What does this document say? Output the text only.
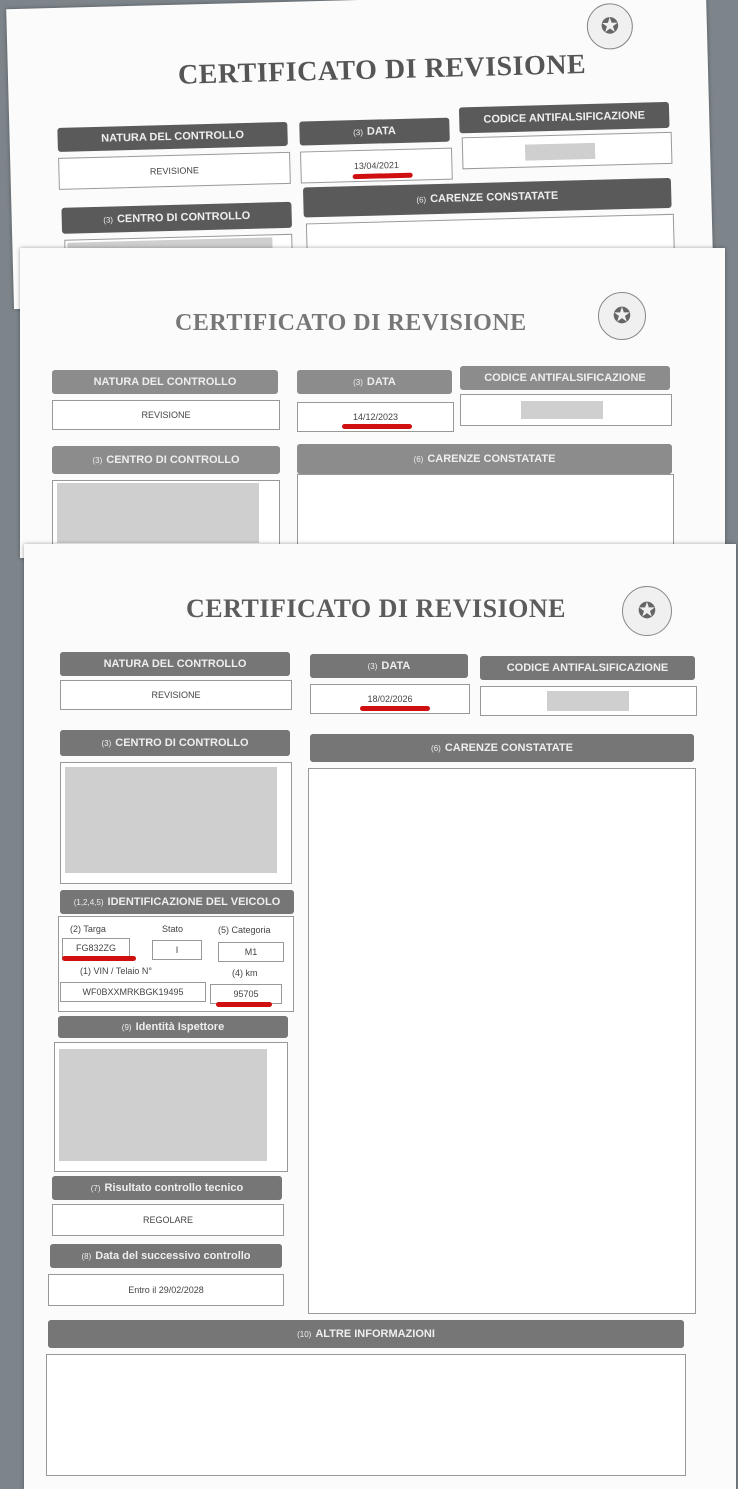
✪
CERTIFICATO DI REVISIONE
NATURA DEL CONTROLLO	(3) DATA
CODICE ANTIFALSIFICAZIONE
REVISIONE	13/04/2021
(3) CENTRO DI CONTROLLO
(6) CARENZE CONSTATATE
✪
CERTIFICATO DI REVISIONE
NATURA DEL CONTROLLO	(3) DATA	CODICE ANTIFALSIFICAZIONE
REVISIONE	14/12/2023
(3) CENTRO DI CONTROLLO	(6) CARENZE CONSTATATE
✪
CERTIFICATO DI REVISIONE
NATURA DEL CONTROLLO	(3) DATA	CODICE ANTIFALSIFICAZIONE
REVISIONE	18/02/2026
(3) CENTRO DI CONTROLLO	(6) CARENZE CONSTATATE
(1,2,4,5) IDENTIFICAZIONE DEL VEICOLO
(2) Targa	Stato	(5) Categoria
FG832ZG	I	M1
(1) VIN / Telaio N°	(4) km
WF0BXXMRKBGK19495	95705
(9) Identità Ispettore
(7) Risultato controllo tecnico
REGOLARE
(8) Data del successivo controllo
Entro il 29/02/2028
(10) ALTRE INFORMAZIONI
